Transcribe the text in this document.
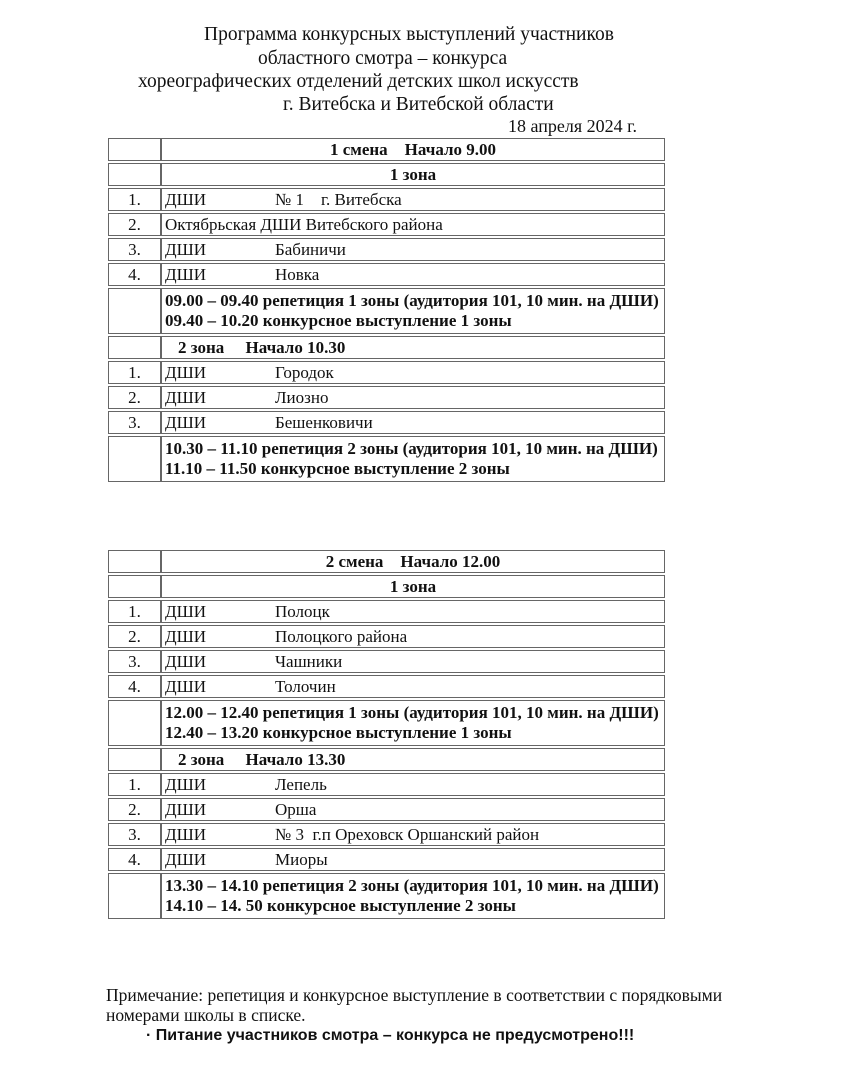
Программа конкурсных выступлений участников
областного смотра – конкурса
хореографических отделений детских школ искусств
г. Витебска и Витебской области
18 апреля 2024 г.
	1 смена    Начало 9.00
	1 зона
1.	ДШИ № 1    г. Витебска
2.	Октябрьская ДШИ Витебского района
3.	ДШИ Бабиничи
4.	ДШИ Новка

	09.00 – 09.40 репетиция 1 зоны (аудитория 101, 10 мин. на ДШИ)
09.40 – 10.20 конкурсное выступление 1 зоны

	2 зона     Начало 10.30
1.	ДШИ Городок
2.	ДШИ Лиозно
3.	ДШИ Бешенковичи

	10.30 – 11.10 репетиция 2 зоны (аудитория 101, 10 мин. на ДШИ)
11.10 – 11.50 конкурсное выступление 2 зоны
	2 смена    Начало 12.00
	1 зона
1.	ДШИ Полоцк
2.	ДШИ Полоцкого района
3.	ДШИ Чашники
4.	ДШИ Толочин

	12.00 – 12.40 репетиция 1 зоны (аудитория 101, 10 мин. на ДШИ)
12.40 – 13.20 конкурсное выступление 1 зоны

	2 зона     Начало 13.30
1.	ДШИ Лепель
2.	ДШИ Орша
3.	ДШИ № 3  г.п Ореховск Оршанский район
4.	ДШИ Миоры

	13.30 – 14.10 репетиция 2 зоны (аудитория 101, 10 мин. на ДШИ)
14.10 – 14. 50 конкурсное выступление 2 зоны
Примечание: репетиция и конкурсное выступление в соответствии с порядковыми номерами школы в списке.
· Питание участников смотра – конкурса не предусмотрено!!!
